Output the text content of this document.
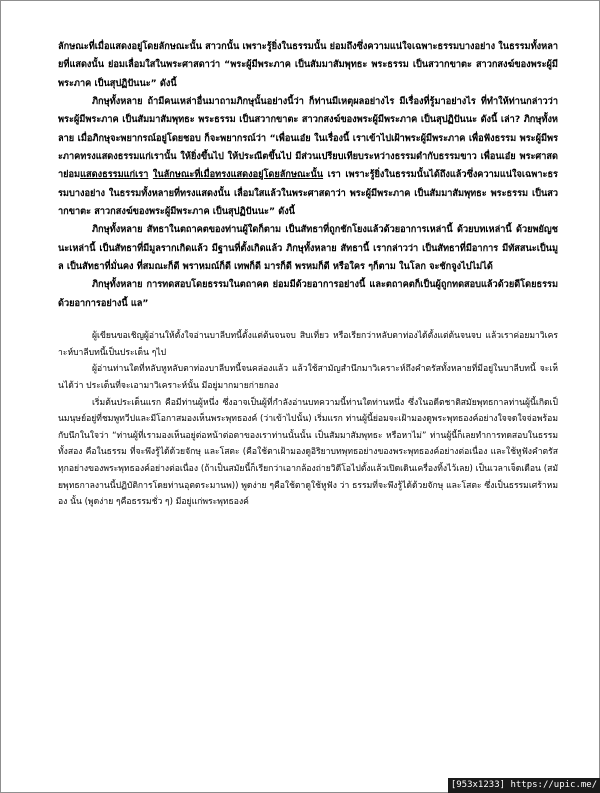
ลักษณะที่เมื่อแสดงอยู่โดยลักษณะนั้น สาวกนั้น เพราะรู้ยิ่งในธรรมนั้น ย่อมถึงซึ่งความแน่ใจเฉพาะธรรมบางอย่าง ในธรรมทั้งหลายที่แสดงนั้น ย่อมเลื่อมใสในพระศาสดาว่า “พระผู้มีพระภาค เป็นสัมมาสัมพุทธะ พระธรรม เป็นสวากขาตะ สาวกสงฆ์ของพระผู้มีพระภาค เป็นสุปฏิปันนะ” ดังนี้

ภิกษุทั้งหลาย ถ้ามีคนเหล่าอื่นมาถามภิกษุนั้นอย่างนี้ว่า ก็ท่านมีเหตุผลอย่างไร มีเรื่องที่รู้มาอย่างไร ที่ทำให้ท่านกล่าวว่า พระผู้มีพระภาค เป็นสัมมาสัมพุทธะ พระธรรม เป็นสวากขาตะ สาวกสงฆ์ของพระผู้มีพระภาค เป็นสุปฏิปันนะ ดังนี้ เล่า? ภิกษุทั้งหลาย เมื่อภิกษุจะพยากรณ์อยู่โดยชอบ ก็จะพยากรณ์ว่า “เพื่อนเอ๋ย ในเรื่องนี้ เราเข้าไปเฝ้าพระผู้มีพระภาค เพื่อฟังธรรม พระผู้มีพระภาคทรงแสดงธรรมแก่เรานั้น ให้ยิ่งขึ้นไป ให้ประณีตขึ้นไป มีส่วนเปรียบเทียบระหว่างธรรมดำกับธรรมขาว เพื่อนเอ๋ย พระศาสดาย่อมแสดงธรรมแก่เรา ในลักษณะที่เมื่อทรงแสดงอยู่โดยลักษณะนั้น เรา เพราะรู้ยิ่งในธรรมนั้นได้ถึงแล้วซึ่งความแน่ใจเฉพาะธรรมบางอย่าง ในธรรมทั้งหลายที่ทรงแสดงนั้น เลื่อมใสแล้วในพระศาสดาว่า พระผู้มีพระภาค เป็นสัมมาสัมพุทธะ พระธรรม เป็นสวากขาตะ สาวกสงฆ์ของพระผู้มีพระภาค เป็นสุปฏิปันนะ” ดังนี้

ภิกษุทั้งหลาย สัทธาในตถาคตของท่านผู้ใดก็ตาม เป็นสัทธาที่ถูกชักโยงแล้วด้วยอาการเหล่านี้ ด้วยบทเหล่านี้ ด้วยพยัญชนะเหล่านี้ เป็นสัทธาที่มีมูลรากเกิดแล้ว มีฐานที่ตั้งเกิดแล้ว ภิกษุทั้งหลาย สัทธานี้ เรากล่าวว่า เป็นสัทธาที่มีอาการ มีทัสสนะเป็นมูล เป็นสัทธาที่มั่นคง ที่สมณะก็ดี พราหมณ์ก็ดี เทพก็ดี มารก็ดี พรหมก็ดี หรือใคร ๆก็ตาม ในโลก จะชักจูงไปไม่ได้

ภิกษุทั้งหลาย การทดสอบโดยธรรมในตถาคต ย่อมมีด้วยอาการอย่างนี้ และตถาคตก็เป็นผู้ถูกทดสอบแล้วด้วยดีโดยธรรม ด้วยอาการอย่างนี้ แล”

ผู้เขียนขอเชิญผู้อ่านให้ตั้งใจอ่านบาลีบทนี้ตั้งแต่ต้นจนจบ สิบเที่ยว หรือเรียกว่าหลับตาท่องได้ตั้งแต่ต้นจนจบ แล้วเราค่อยมาวิเคราะห์บาลีบทนี้เป็นประเด็น ๆไป

ผู้อ่านท่านใดที่หลับหูหลับตาท่องบาลีบทนี้จนคล่องแล้ว แล้วใช้สามัญสำนึกมาวิเคราะห์ถึงคำตรัสทั้งหลายที่มีอยู่ในบาลีบทนี้ จะเห็นได้ว่า ประเด็นที่จะเอามาวิเคราะห์นั้น มีอยู่มากมายก่ายกอง

เริ่มต้นประเด็นแรก คือมีท่านผู้หนึ่ง ซึ่งอาจเป็นผู้ที่กำลังอ่านบทความนี้ท่านใดท่านหนึ่ง ซึ่งในอดีตชาติสมัยพุทธกาลท่านผู้นี้เกิดเป็นมนุษย์อยู่ที่ชมพูทวีปและมีโอกาสมองเห็นพระพุทธองค์ (ว่าเข้าไปนั้น) เริ่มแรก ท่านผู้นี้ย่อมจะเฝ้ามองดูพระพุทธองค์อย่างใจจดใจจ่อพร้อมกับนึกในใจว่า “ท่านผู้ที่เรามองเห็นอยู่ต่อหน้าต่อตาของเราท่านนั้นนั้น เป็นสัมมาสัมพุทธะ หรือหาไม่” ท่านผู้นี้ก็เลยทำการทดสอบในธรรมทั้งสอง คือในธรรม ที่จะพึงรู้ได้ด้วยจักษุ และโสตะ (คือใช้ตาเฝ้ามองดูอิริยาบทพุทธอย่างของพระพุทธองค์อย่างต่อเนื่อง และใช้หูฟังคำตรัสทุกอย่างของพระพุทธองค์อย่างต่อเนื่อง (ถ้าเป็นสมัยนี้ก็เรียกว่าเอากล้องถ่ายวิดีโอไปตั้งแล้วเปิดเดินเครื่องทิ้งไว้เลย) เป็นเวลาเจ็ดเดือน (สมัยพุทธกาลงานนี้ปฏิบัติการโดยท่านอุตตระมานพ)) พูดง่าย ๆคือใช้ตาดูใช้หูฟัง ว่า ธรรมที่จะพึงรู้ได้ด้วยจักษุ และโสตะ ซึ่งเป็นธรรมเศร้าหมอง นั้น (พูดง่าย ๆคือธรรมชั่ว ๆ) มีอยู่แก่พระพุทธองค์

[953x1233] https://upic.me/
